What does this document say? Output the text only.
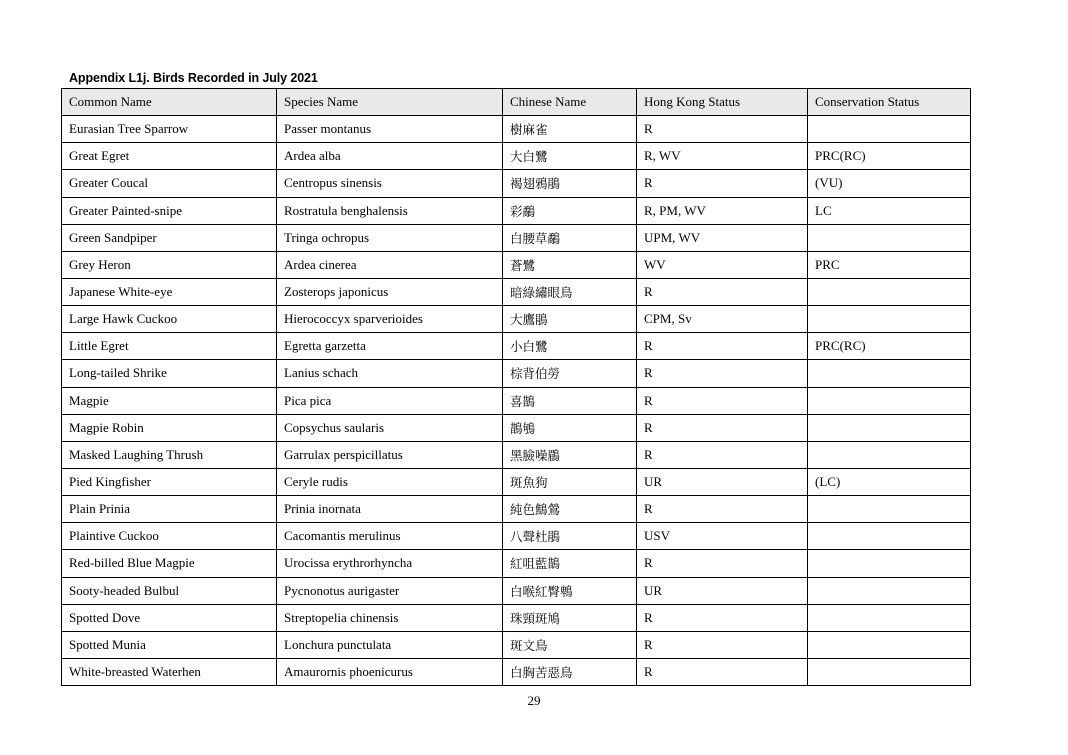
Appendix L1j. Birds Recorded in July 2021
Common Name	Species Name	Chinese Name	Hong Kong Status	Conservation Status
Eurasian Tree Sparrow	Passer montanus	樹麻雀	R	
Great Egret	Ardea alba	大白鷺	R, WV	PRC(RC)
Greater Coucal	Centropus sinensis	褐翅鴉鵑	R	(VU)
Greater Painted-snipe	Rostratula benghalensis	彩鷸	R, PM, WV	LC
Green Sandpiper	Tringa ochropus	白腰草鷸	UPM, WV	
Grey Heron	Ardea cinerea	蒼鷺	WV	PRC
Japanese White-eye	Zosterops japonicus	暗綠繡眼鳥	R	
Large Hawk Cuckoo	Hierococcyx sparverioides	大鷹鵑	CPM, Sv	
Little Egret	Egretta garzetta	小白鷺	R	PRC(RC)
Long-tailed Shrike	Lanius schach	棕背伯勞	R	
Magpie	Pica pica	喜鵲	R	
Magpie Robin	Copsychus saularis	鵲鴝	R	
Masked Laughing Thrush	Garrulax perspicillatus	黑臉噪鶥	R	
Pied Kingfisher	Ceryle rudis	斑魚狗	UR	(LC)
Plain Prinia	Prinia inornata	純色鷦鶯	R	
Plaintive Cuckoo	Cacomantis merulinus	八聲杜鵑	USV	
Red-billed Blue Magpie	Urocissa erythrorhyncha	紅咀藍鵲	R	
Sooty-headed Bulbul	Pycnonotus aurigaster	白喉紅臀鵯	UR	
Spotted Dove	Streptopelia chinensis	珠頸斑鳩	R	
Spotted Munia	Lonchura punctulata	斑文鳥	R	
White-breasted Waterhen	Amaurornis phoenicurus	白胸苦惡鳥	R	
29
